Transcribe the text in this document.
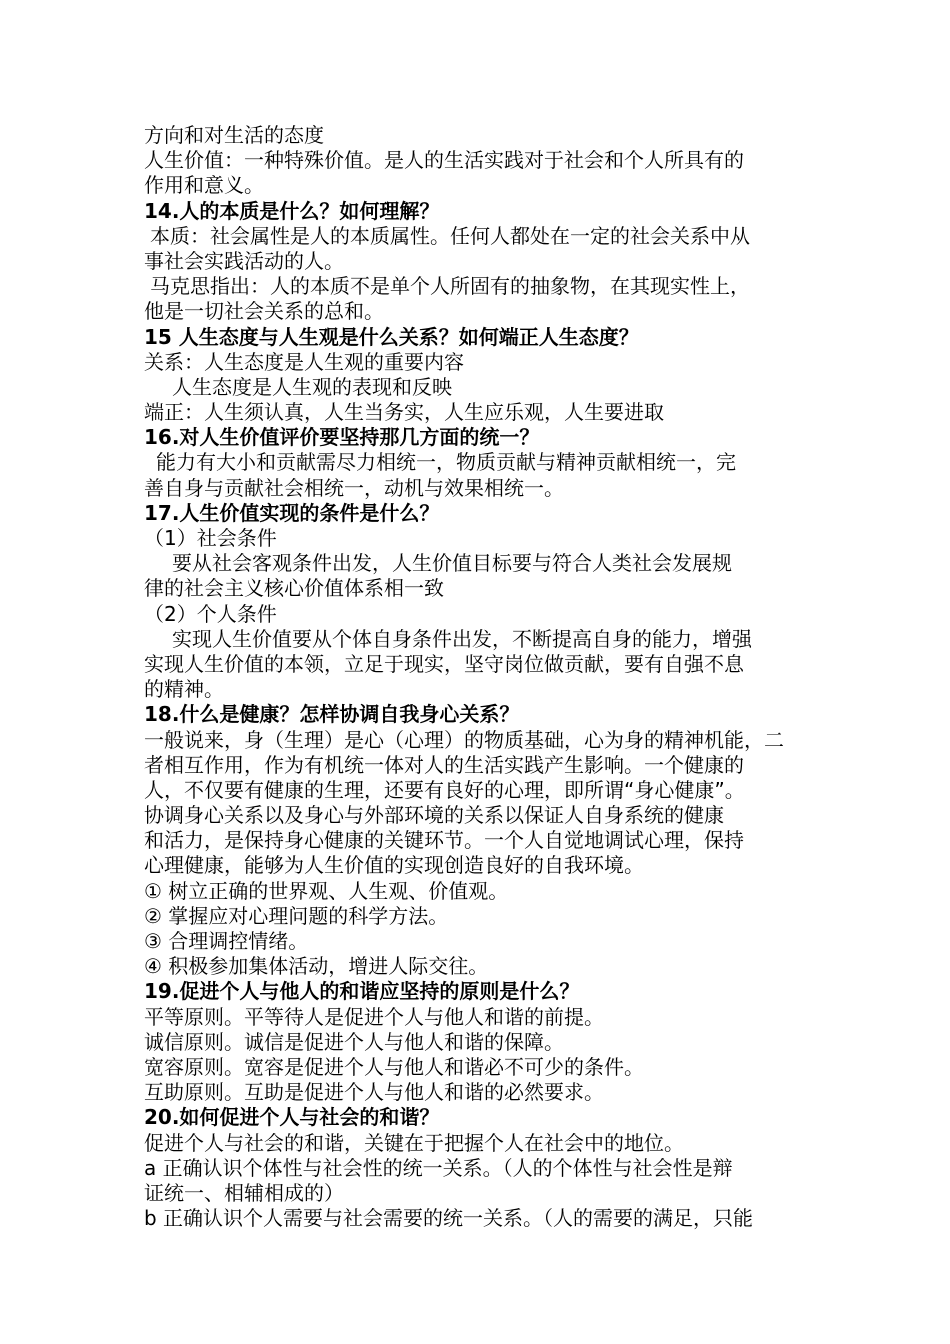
方向和对生活的态度
人生价值：一种特殊价值。是人的生活实践对于社会和个人所具有的
作用和意义。
14.人的本质是什么？如何理解？
本质：社会属性是人的本质属性。任何人都处在一定的社会关系中从
事社会实践活动的人。
马克思指出：人的本质不是单个人所固有的抽象物，在其现实性上，
他是一切社会关系的总和。
15 人生态度与人生观是什么关系？如何端正人生态度？
关系：人生态度是人生观的重要内容
人生态度是人生观的表现和反映
端正：人生须认真，人生当务实，人生应乐观，人生要进取
16.对人生价值评价要坚持那几方面的统一？
能力有大小和贡献需尽力相统一，物质贡献与精神贡献相统一，完
善自身与贡献社会相统一，动机与效果相统一。
17.人生价值实现的条件是什么？
（1）社会条件
要从社会客观条件出发，人生价值目标要与符合人类社会发展规
律的社会主义核心价值体系相一致
（2）个人条件
实现人生价值要从个体自身条件出发，不断提高自身的能力，增强
实现人生价值的本领，立足于现实，坚守岗位做贡献，要有自强不息
的精神。
18.什么是健康？怎样协调自我身心关系？
一般说来，身（生理）是心（心理）的物质基础，心为身的精神机能，二
者相互作用，作为有机统一体对人的生活实践产生影响。一个健康的
人，不仅要有健康的生理，还要有良好的心理，即所谓“身心健康”。
协调身心关系以及身心与外部环境的关系以保证人自身系统的健康
和活力，是保持身心健康的关键环节。一个人自觉地调试心理，保持
心理健康，能够为人生价值的实现创造良好的自我环境。
① 树立正确的世界观、人生观、价值观。
② 掌握应对心理问题的科学方法。
③ 合理调控情绪。
④ 积极参加集体活动，增进人际交往。
19.促进个人与他人的和谐应坚持的原则是什么？
平等原则。平等待人是促进个人与他人和谐的前提。
诚信原则。诚信是促进个人与他人和谐的保障。
宽容原则。宽容是促进个人与他人和谐必不可少的条件。
互助原则。互助是促进个人与他人和谐的必然要求。
20.如何促进个人与社会的和谐？
促进个人与社会的和谐，关键在于把握个人在社会中的地位。
a 正确认识个体性与社会性的统一关系。（人的个体性与社会性是辩
证统一、相辅相成的）
b 正确认识个人需要与社会需要的统一关系。（人的需要的满足，只能
